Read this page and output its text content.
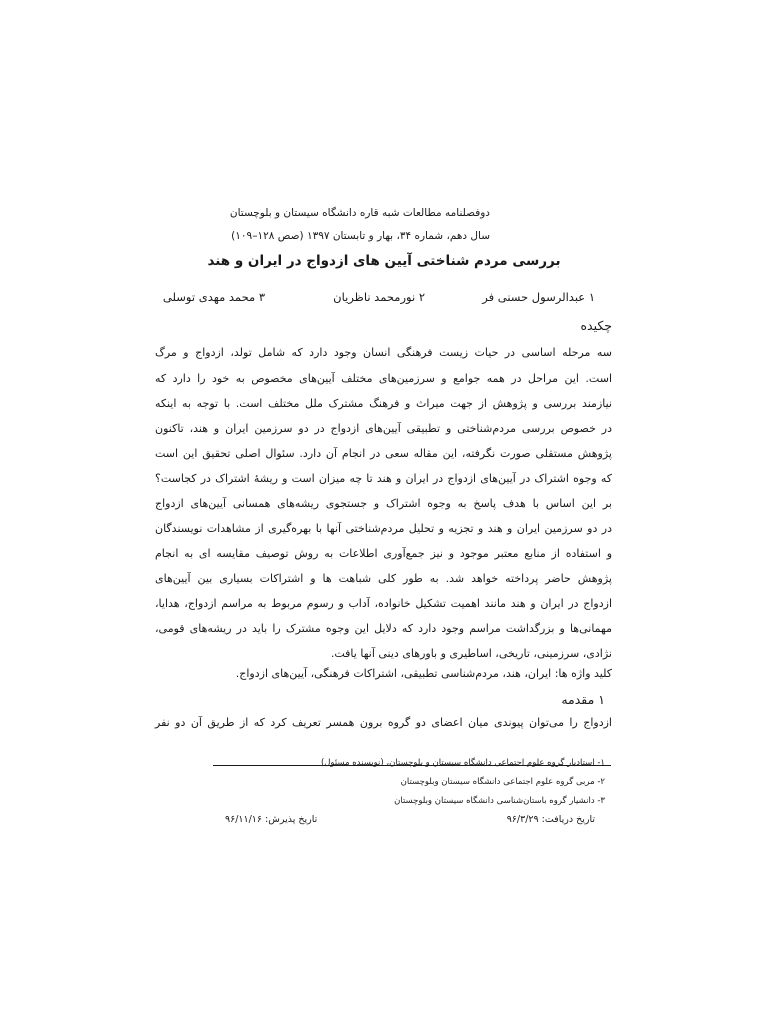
دوفصلنامه مطالعات شبه قاره دانشگاه سیستان و بلوچستان
سال دهم، شماره ۳۴، بهار و تابستان ۱۳۹۷ (صص ۱۲۸–۱۰۹)
بررسی مردم شناختی آیین های ازدواج در ایران و هند
۱ عبدالرسول حسنی فر
۲ نورمحمد ناظریان
۳ محمد مهدی توسلی
چکیده
سه مرحله اساسی در حیات زیست فرهنگی انسان وجود دارد که شامل تولد، ازدواج و مرگ
است. این مراحل در همه جوامع و سرزمین‌های مختلف آیین‌های مخصوص به خود را دارد که
نیازمند بررسی و پژوهش از جهت میراث و فرهنگ مشترک ملل مختلف است. با توجه به اینکه
در خصوص بررسی مردم‌شناختی و تطبیقی آیین‌های ازدواج در دو سرزمین ایران و هند، تاکنون
پژوهش مستقلی صورت نگرفته، این مقاله سعی در انجام آن دارد. سئوال اصلی تحقیق این است
که وجوه اشتراک در آیین‌های ازدواج در ایران و هند تا چه میزان است و ریشهٔ اشتراک در کجاست؟
بر این اساس با هدف پاسخ به وجوه اشتراک و جستجوی ریشه‌های همسانی آیین‌های ازدواج
در دو سرزمین ایران و هند و تجزیه و تحلیل مردم‌شناختی آنها با بهره‌گیری از مشاهدات نویسندگان
و استفاده از منابع معتبر موجود و نیز جمع‌آوری اطلاعات به روش توصیف مقایسه ای به انجام
پژوهش حاضر پرداخته خواهد شد. به طور کلی شباهت ها و اشتراکات بسیاری بین آیین‌های
ازدواج در ایران و هند مانند اهمیت تشکیل خانواده، آداب و رسوم مربوط به مراسم ازدواج، هدایا،
مهمانی‌ها و بزرگداشت مراسم وجود دارد که دلایل این وجوه مشترک را باید در ریشه‌های قومی،
نژادی، سرزمینی، تاریخی، اساطیری و باورهای دینی آنها یافت.
کلید واژه ها: ایران، هند، مردم‌شناسی تطبیقی، اشتراکات فرهنگی، آیین‌های ازدواج.
۱ مقدمه
ازدواج را می‌توان پیوندی میان اعضای دو گروه برون همسر تعریف کرد که از طریق آن دو نفر
۱- استادیار گروه علوم اجتماعی دانشگاه سیستان و بلوچستان، (نویسنده مسئول)
۲- مربی گروه علوم اجتماعی دانشگاه سیستان وبلوچستان
۳- دانشیار گروه باستان‌شناسی دانشگاه سیستان وبلوچستان
تاریخ دریافت: ۹۶/۳/۲۹
تاریخ پذیرش: ۹۶/۱۱/۱۶
